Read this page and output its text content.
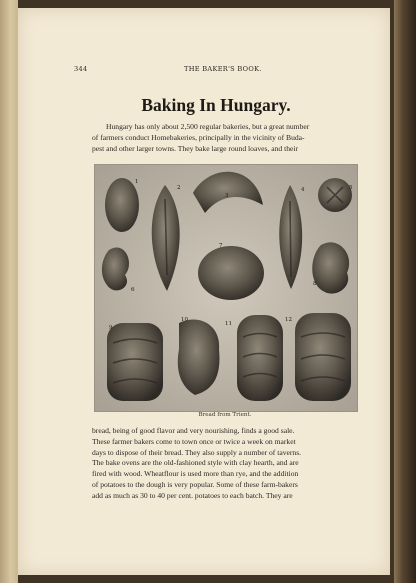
344	THE BAKER'S BOOK.
Baking In Hungary.

Hungary has only about 2,500 regular bakeries, but a great number
of farmers conduct Homebakeries, principally in the vicinity of Buda-
pest and other larger towns. They bake large round loaves, and their

1
2
3
4	5
6
7
8
9
10
11
12
Bread from Trient.

bread, being of good flavor and very nourishing, finds a good sale.
These farmer bakers come to town once or twice a week on market
days to dispose of their bread. They also supply a number of taverns.
The bake ovens are the old-fashioned style with clay hearth, and are
fired with wood. Wheatflour is used more than rye, and the addition
of potatoes to the dough is very popular. Some of these farm-bakers
add as much as 30 to 40 per cent. potatoes to each batch. They are
